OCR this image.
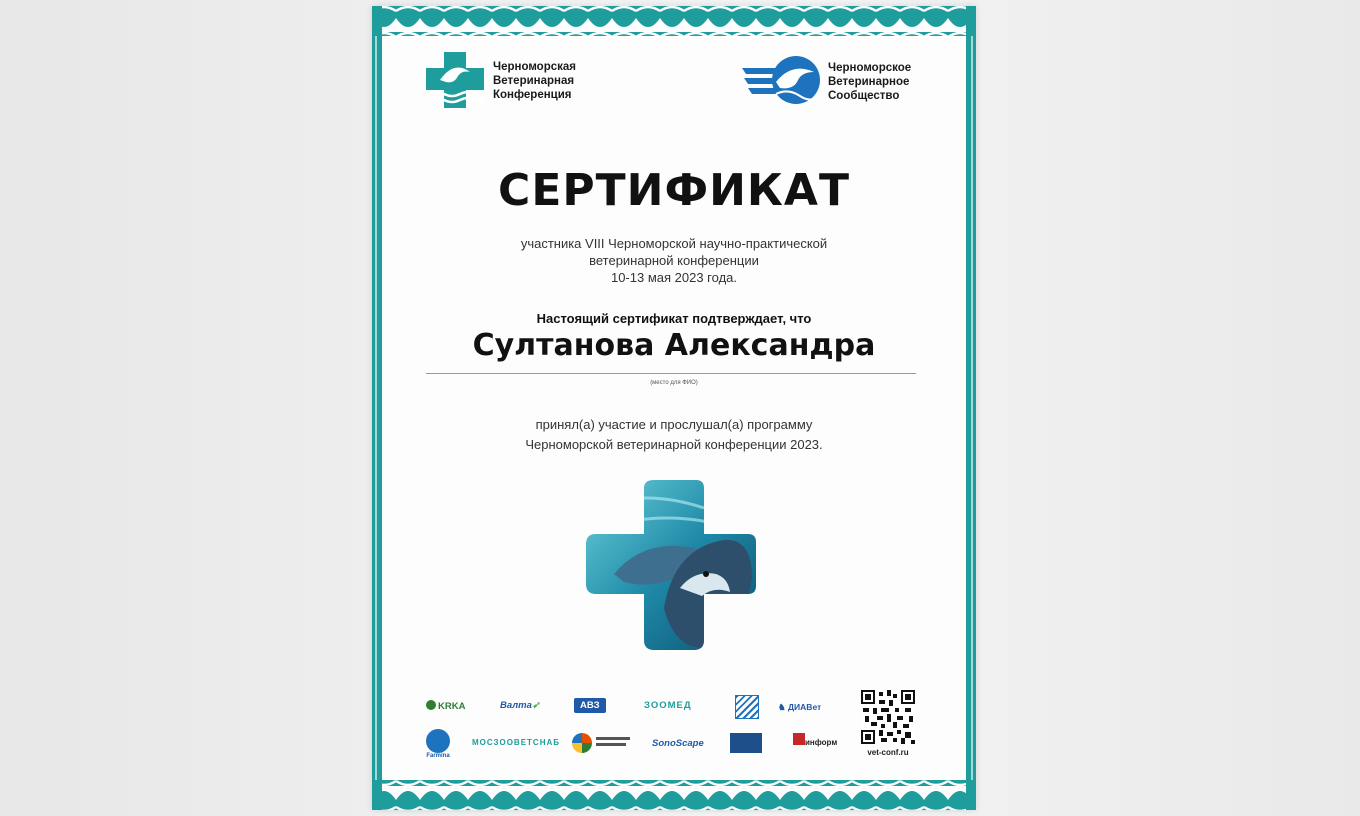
Черноморская
Ветеринарная
Конференция
Черноморское
Ветеринарное
Сообщество
СЕРТИФИКАТ
участника VIII Черноморской научно-практической
ветеринарной конференции
10-13 мая 2023 года.
Настоящий сертификат подтверждает, что
Султанова Александра
(место для ФИО)
принял(а) участие и прослушал(а) программу
Черноморской ветеринарной конференции 2023.
KRKA	Валта➶	АВЗ	ЗООМЕД	♞ ДИАВет
Farmina
МОСЗООВЕТСНАБ	SonoScape	информ
vet-conf.ru
